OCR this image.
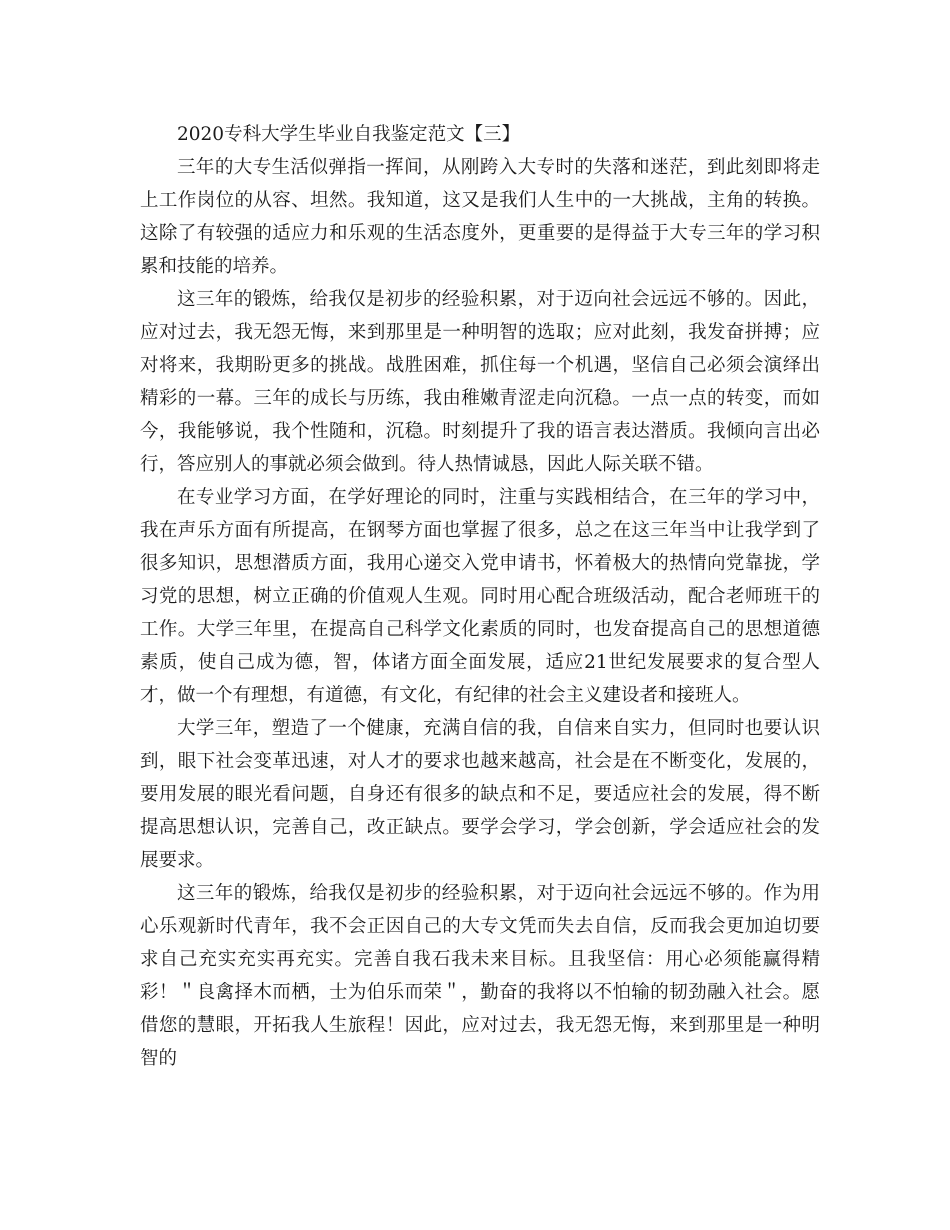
2020专科大学生毕业自我鉴定范文【三】

三年的大专生活似弹指一挥间，从刚跨入大专时的失落和迷茫，到此刻即将走上工作岗位的从容、坦然。我知道，这又是我们人生中的一大挑战，主角的转换。这除了有较强的适应力和乐观的生活态度外，更重要的是得益于大专三年的学习积累和技能的培养。

这三年的锻炼，给我仅是初步的经验积累，对于迈向社会远远不够的。因此，应对过去，我无怨无悔，来到那里是一种明智的选取；应对此刻，我发奋拼搏；应对将来，我期盼更多的挑战。战胜困难，抓住每一个机遇，坚信自己必须会演绎出精彩的一幕。三年的成长与历练，我由稚嫩青涩走向沉稳。一点一点的转变，而如今，我能够说，我个性随和，沉稳。时刻提升了我的语言表达潜质。我倾向言出必行，答应别人的事就必须会做到。待人热情诚恳，因此人际关联不错。

在专业学习方面，在学好理论的同时，注重与实践相结合，在三年的学习中，我在声乐方面有所提高，在钢琴方面也掌握了很多，总之在这三年当中让我学到了很多知识，思想潜质方面，我用心递交入党申请书，怀着极大的热情向党靠拢，学习党的思想，树立正确的价值观人生观。同时用心配合班级活动，配合老师班干的工作。大学三年里，在提高自己科学文化素质的同时，也发奋提高自己的思想道德素质，使自己成为德，智，体诸方面全面发展，适应21世纪发展要求的复合型人才，做一个有理想，有道德，有文化，有纪律的社会主义建设者和接班人。

大学三年，塑造了一个健康，充满自信的我，自信来自实力，但同时也要认识到，眼下社会变革迅速，对人才的要求也越来越高，社会是在不断变化，发展的，要用发展的眼光看问题，自身还有很多的缺点和不足，要适应社会的发展，得不断提高思想认识，完善自己，改正缺点。要学会学习，学会创新，学会适应社会的发展要求。

这三年的锻炼，给我仅是初步的经验积累，对于迈向社会远远不够的。作为用心乐观新时代青年，我不会正因自己的大专文凭而失去自信，反而我会更加迫切要求自己充实充实再充实。完善自我石我未来目标。且我坚信：用心必须能赢得精彩！＂良禽择木而栖，士为伯乐而荣＂，勤奋的我将以不怕输的韧劲融入社会。愿借您的慧眼，开拓我人生旅程！因此，应对过去，我无怨无悔，来到那里是一种明智的
